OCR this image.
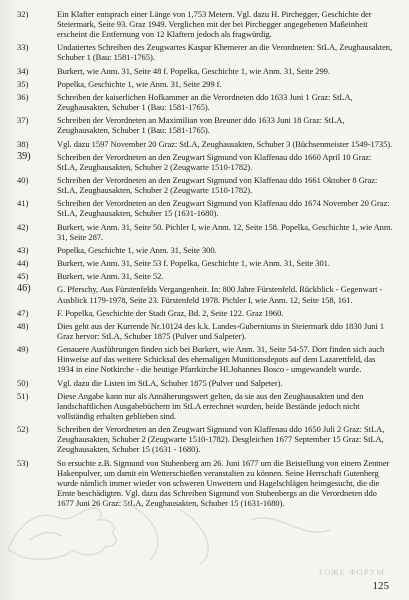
32)	Ein Klafter entsprach einer Länge von 1,753 Metern. Vgl. dazu H. Pirchegger, Geschichte der Steiermark, Seite 93. Graz 1949. Verglichen mit der bei Pirchegger angegebenen Maßeinheit erscheint die Entfernung von 12 Klaftern jedoch als fragwürdig.
33)	Undatiertes Schreiben des Zeugwartes Kaspar Khemerer an die Verordneten: StLA, Zeughausakten, Schuber 1 (Bau: 1581-1765).
34)	Burkert, wie Anm. 31, Seite 48 f. Popelka, Geschichte 1, wie Anm. 31, Seite 299.
35)	Popelka, Geschichte 1, wie Anm. 31, Seite 299 f.
36)	Schreiben der kaiserlichen Hofkammer an die Verordneten ddo 1633 Juni 1 Graz: StLA, Zeughausakten, Schuber 1 (Bau: 1581-1765).
37)	Schreiben der Verordneten an Maximilian von Breuner ddo 1633 Juni 18 Graz: StLA, Zeughausakten, Schuber 1 (Bau: 1581-1765).
38)	Vgl. dazu 1597 November 20 Graz: StLA, Zeughausakten, Schuber 3 (Büchsenmeister 1549-1735).
39)	Schreiben der Verordneten an den Zeugwart Sigmund von Klaffenau ddo 1660 April 10 Graz: StLA, Zeughausakten, Schuber 2 (Zeugwarte 1510-1782).
40)	Schreiben der Verordneten an den Zeugwart Sigmund von Klaffenau ddo 1661 Oktober 8 Graz: StLA, Zeughausakten, Schuber 2 (Zeugwarte 1510-1782).
41)	Schreiben der Verordneten an den Zeugwart Sigmund von Klaffenau ddo 1674 November 20 Graz: StLA, Zeughausakten, Schuber 15 (1631-1680).
42)	Burkert, wie Anm. 31, Seite 50. Pichler I, wie Anm. 12, Seite 158. Popelka, Geschichte 1, wie Anm. 31, Seite 287.
43)	Popelka, Geschichte 1, wie Anm. 31, Seite 300.
44)	Burkert, wie Anm. 31, Seite 53 f. Popelka, Geschichte 1, wie Anm. 31, Seite 301.
45)	Burkert, wie Anm. 31, Seite 52.
46)	G. Pferschy, Aus Fürstenfelds Vergangenheit. In: 800 Jahre Fürstenfeld. Rückblick - Gegenwart - Ausblick 1179-1978, Seite 23. Fürstenfeld 1978. Pichler I, wie Anm. 12, Seite 158, 161.
47)	F. Popelka, Geschichte der Stadt Graz, Bd. 2, Seite 122. Graz 1960.
48)	Dies geht aus der Kurrende Nr.10124 des k.k. Landes-Guberniums in Steiermark ddo 1830 Juni 1 Graz hervor: StLA, Schuber 1875 (Pulver und Salpeter).
49)	Genauere Ausführungen finden sich bei Burkert, wie Anm. 31, Seite 54-57. Dort finden sich auch Hinweise auf das weitere Schicksal des ehemaligen Munitionsdepots auf dem Lazarettfeld, das 1934 in eine Notkirche - die heutige Pfarrkirche Hl.Johannes Bosco - umgewandelt wurde.
50)	Vgl. dazu die Listen im StLA, Schuber 1875 (Pulver und Salpeter).
51)	Diese Angabe kann nur als Annäherungswert gelten, da sie aus den Zeughausakten und den landschaftlichen Ausgabebüchern im StLA errechnet wurden, beide Bestände jedoch nicht vollständig erhalten geblieben sind.
52)	Schreiben der Verordneten an den Zeugwart Sigmund von Klaffenau ddo 1650 Juli 2 Graz: StLA, Zeughausakten, Schuber 2 (Zeugwarte 1510-1782). Desgleichen 1677 September 15 Graz: StLA, Zeughausakten, Schuber 15 (1631 - 1680).
53)	So ersuchte z.B. Sigmund von Stubenberg am 26. Juni 1677 um die Beistellung von einem Zentner Hakenpulver, um damit ein Wetterschießen veranstalten zu können. Seine Herrschaft Gutenberg wurde nämlich immer wieder von schweren Unwettern und Hagelschlägen heimgesucht, die die Ernte beschädigten. Vgl. dazu das Schreiben Sigmund von Stubenbergs an die Verordneten ddo 1677 Juni 26 Graz: StLA, Zeughausakten, Schuber 15 (1631-1680).
ТОЖЕ ФОРУМ
125
